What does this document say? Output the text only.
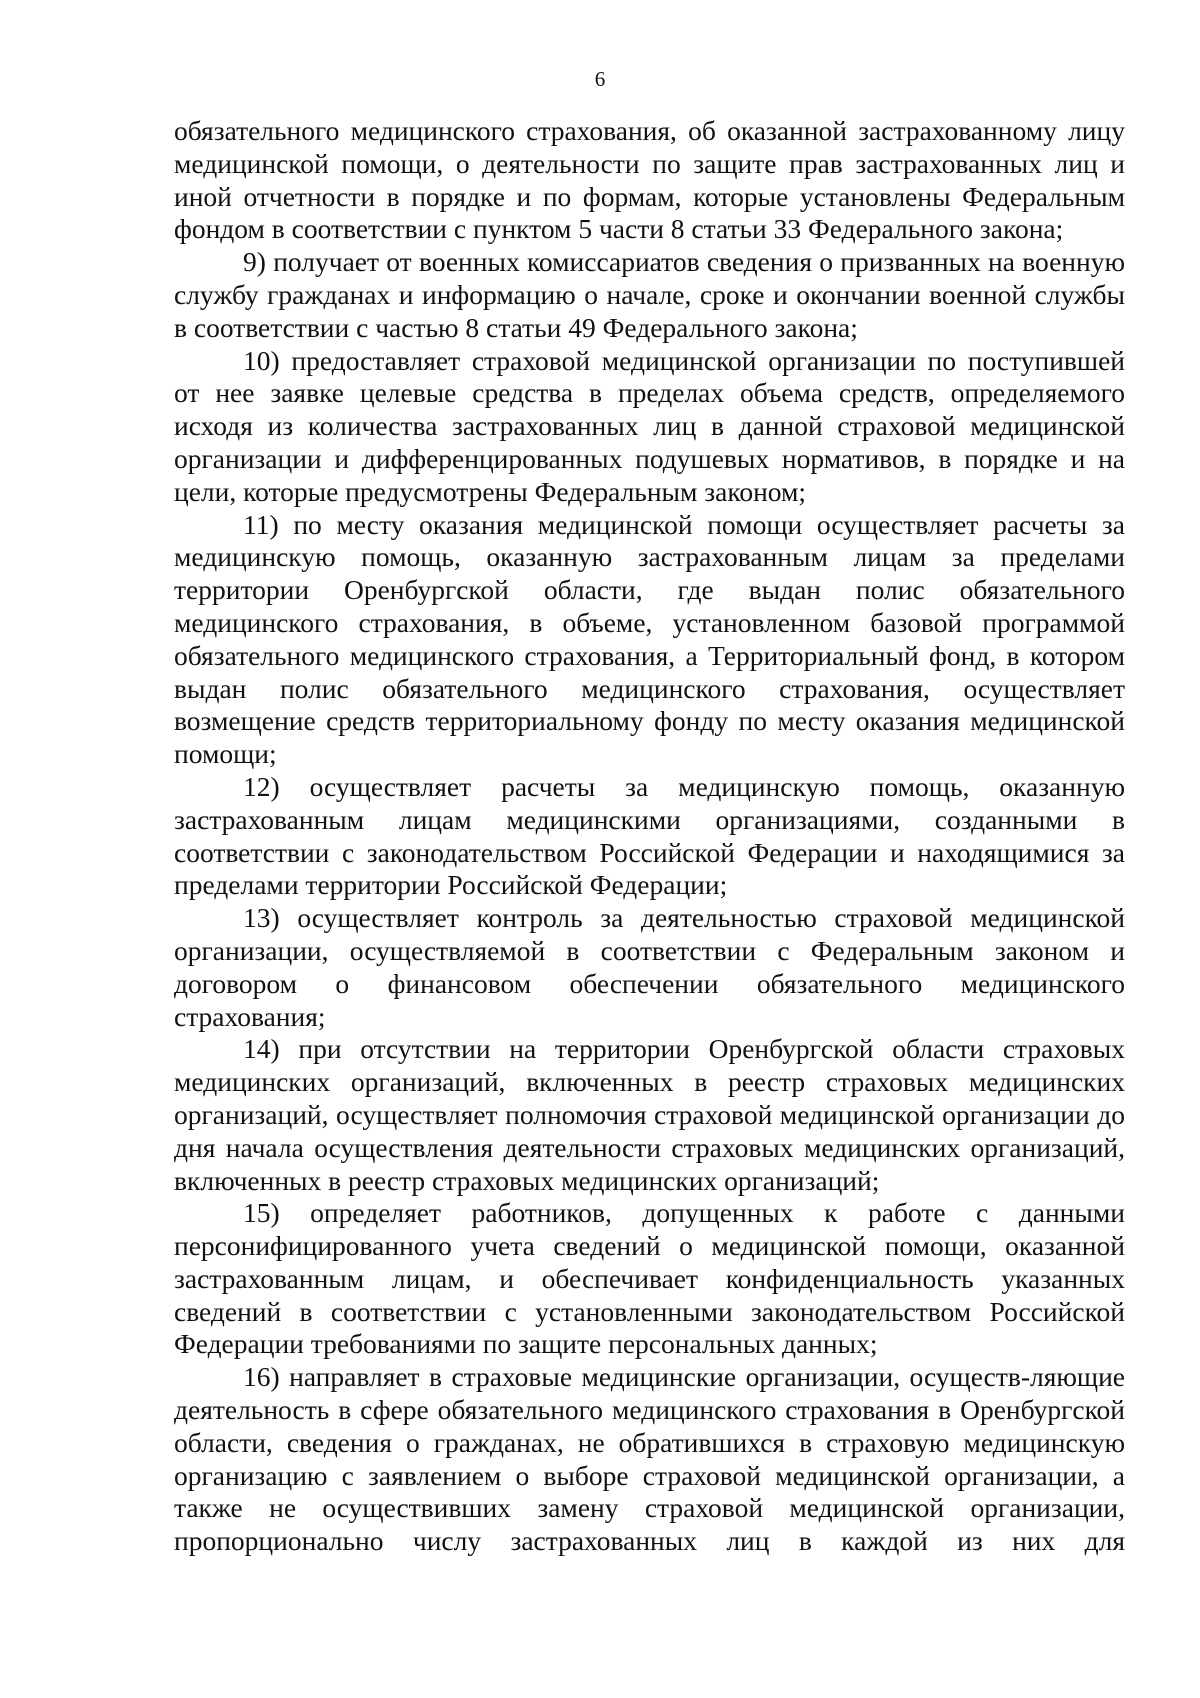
6

обязательного медицинского страхования, об оказанной застрахованному лицу медицинской помощи, о деятельности по защите прав застрахованных лиц и иной отчетности в порядке и по формам, которые установлены Федеральным фондом в соответствии с пунктом 5 части 8 статьи 33 Федерального закона;

9) получает от военных комиссариатов сведения о призванных на военную службу гражданах и информацию о начале, сроке и окончании военной службы в соответствии с частью 8 статьи 49 Федерального закона;

10) предоставляет страховой медицинской организации по поступившей от нее заявке целевые средства в пределах объема средств, определяемого исходя из количества застрахованных лиц в данной страховой медицинской организации и дифференцированных подушевых нормативов, в порядке и на цели, которые предусмотрены Федеральным законом;

11) по месту оказания медицинской помощи осуществляет расчеты за медицинскую помощь, оказанную застрахованным лицам за пределами территории Оренбургской области, где выдан полис обязательного медицинского страхования, в объеме, установленном базовой программой обязательного медицинского страхования, а Территориальный фонд, в котором выдан полис обязательного медицинского страхования, осуществляет возмещение средств территориальному фонду по месту оказания медицинской помощи;

12) осуществляет расчеты за медицинскую помощь, оказанную застрахованным лицам медицинскими организациями, созданными в соответствии с законодательством Российской Федерации и находящимися за пределами территории Российской Федерации;

13) осуществляет контроль за деятельностью страховой медицинской организации, осуществляемой в соответствии с Федеральным законом и договором о финансовом обеспечении обязательного медицинского страхования;

14) при отсутствии на территории Оренбургской области страховых медицинских организаций, включенных в реестр страховых медицинских организаций, осуществляет полномочия страховой медицинской организации до дня начала осуществления деятельности страховых медицинских организаций, включенных в реестр страховых медицинских организаций;

15) определяет работников, допущенных к работе с данными персонифицированного учета сведений о медицинской помощи, оказанной застрахованным лицам, и обеспечивает конфиденциальность указанных сведений в соответствии с установленными законодательством Российской Федерации требованиями по защите персональных данных;

16) направляет в страховые медицинские организации, осуществ-ляющие деятельность в сфере обязательного медицинского страхования в Оренбургской области, сведения о гражданах, не обратившихся в страховую медицинскую организацию с заявлением о выборе страховой медицинской организации, а также не осуществивших замену страховой медицинской организации, пропорционально числу застрахованных лиц в каждой из них для
